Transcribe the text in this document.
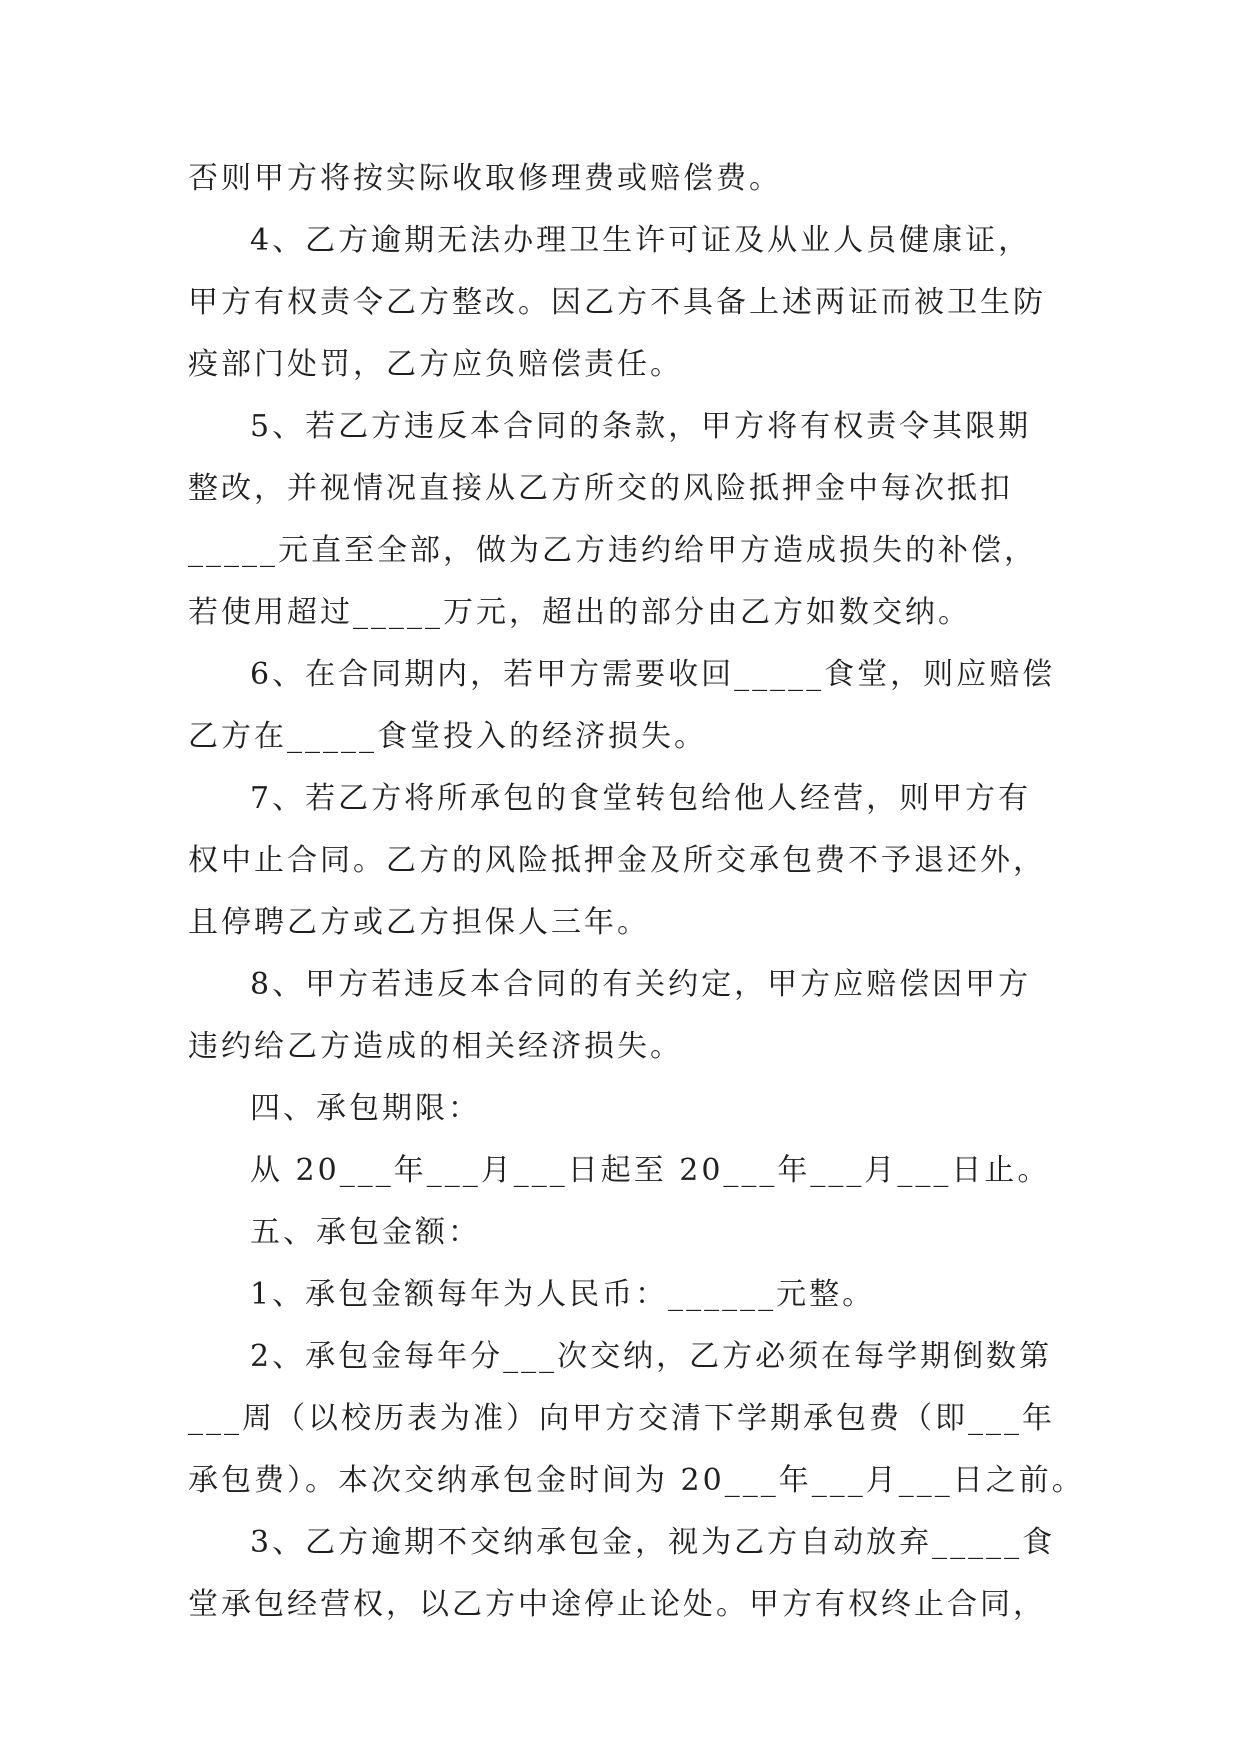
否则甲方将按实际收取修理费或赔偿费。
4、乙方逾期无法办理卫生许可证及从业人员健康证，
甲方有权责令乙方整改。因乙方不具备上述两证而被卫生防
疫部门处罚，乙方应负赔偿责任。
5、若乙方违反本合同的条款，甲方将有权责令其限期
整改，并视情况直接从乙方所交的风险抵押金中每次抵扣
_____元直至全部，做为乙方违约给甲方造成损失的补偿，
若使用超过_____万元，超出的部分由乙方如数交纳。
6、在合同期内，若甲方需要收回_____食堂，则应赔偿
乙方在_____食堂投入的经济损失。
7、若乙方将所承包的食堂转包给他人经营，则甲方有
权中止合同。乙方的风险抵押金及所交承包费不予退还外，
且停聘乙方或乙方担保人三年。
8、甲方若违反本合同的有关约定，甲方应赔偿因甲方
违约给乙方造成的相关经济损失。
四、承包期限：
从 20___年___月___日起至 20___年___月___日止。
五、承包金额：
1、承包金额每年为人民币：______元整。
2、承包金每年分___次交纳，乙方必须在每学期倒数第
___周（以校历表为准）向甲方交清下学期承包费（即___年
承包费）。本次交纳承包金时间为 20___年___月___日之前。
3、乙方逾期不交纳承包金，视为乙方自动放弃_____食
堂承包经营权，以乙方中途停止论处。甲方有权终止合同，
